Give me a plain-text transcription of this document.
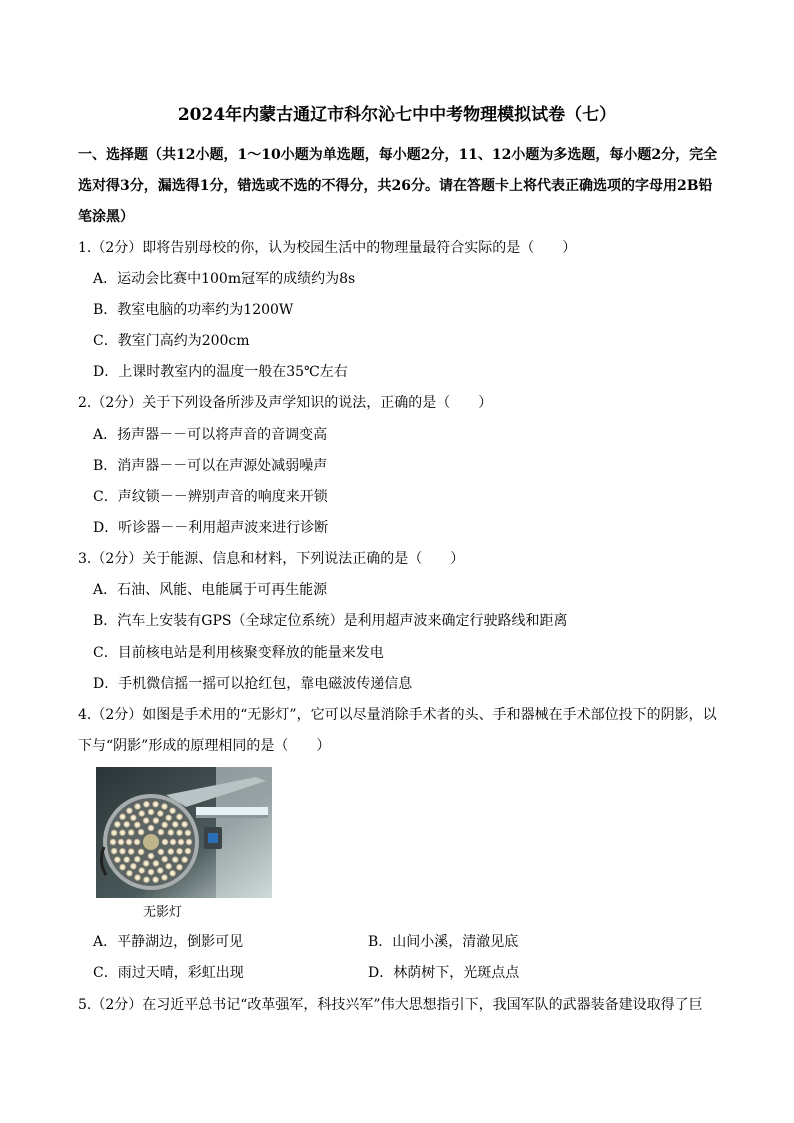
2024年内蒙古通辽市科尔沁七中中考物理模拟试卷（七）
一、选择题（共12小题，1～10小题为单选题，每小题2分，11、12小题为多选题，每小题2分，完全
选对得3分，漏选得1分，错选或不选的不得分，共26分。请在答题卡上将代表正确选项的字母用2B铅
笔涂黑）
1.（2分）即将告别母校的你，认为校园生活中的物理量最符合实际的是（　　）
A．运动会比赛中100m冠军的成绩约为8s
B．教室电脑的功率约为1200W
C．教室门高约为200cm
D．上课时教室内的温度一般在35℃左右
2.（2分）关于下列设备所涉及声学知识的说法，正确的是（　　）
A．扬声器－－可以将声音的音调变高
B．消声器－－可以在声源处减弱噪声
C．声纹锁－－辨别声音的响度来开锁
D．听诊器－－利用超声波来进行诊断
3.（2分）关于能源、信息和材料，下列说法正确的是（　　）
A．石油、风能、电能属于可再生能源
B．汽车上安装有GPS（全球定位系统）是利用超声波来确定行驶路线和距离
C．目前核电站是利用核聚变释放的能量来发电
D．手机微信摇一摇可以抢红包，靠电磁波传递信息
4.（2分）如图是手术用的“无影灯”，它可以尽量消除手术者的头、手和器械在手术部位投下的阴影，以
下与“阴影”形成的原理相同的是（　　）
无影灯
A．平静湖边，倒影可见	B．山间小溪，清澈见底
C．雨过天晴，彩虹出现	D．林荫树下，光斑点点
5.（2分）在习近平总书记“改革强军，科技兴军”伟大思想指引下，我国军队的武器装备建设取得了巨
